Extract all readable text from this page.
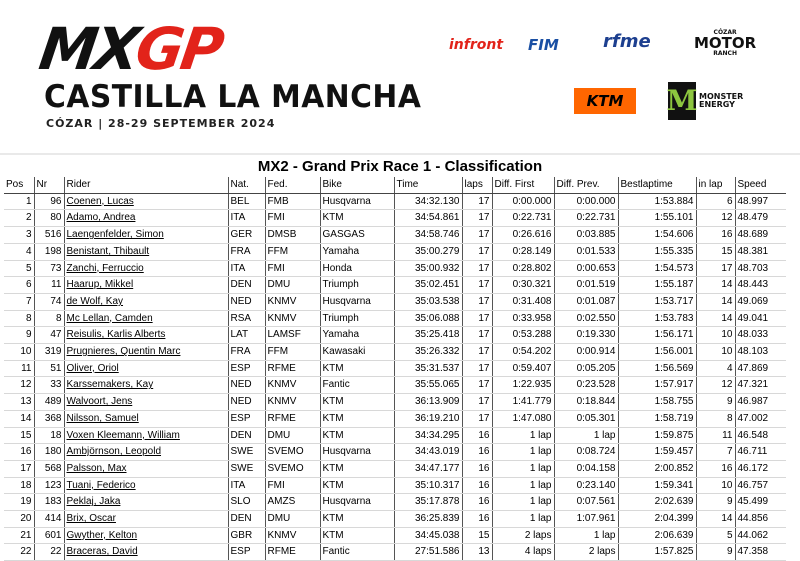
MXGP
CASTILLA LA MANCHA
CÓZAR | 28-29 SEPTEMBER 2024
infront FIM rfme	CÓZAR
MOTOR
RANCH
KTM	M MONSTER
ENERGY
MX2 - Grand Prix Race 1 - Classification
Pos	Nr	Rider	Nat.	Fed.	Bike	Time	laps	Diff. First	Diff. Prev.	Bestlaptime	in lap	Speed
1	96	Coenen, Lucas	BEL	FMB	Husqvarna	34:32.130	17	0:00.000	0:00.000	1:53.884	6	48.997
2	80	Adamo, Andrea	ITA	FMI	KTM	34:54.861	17	0:22.731	0:22.731	1:55.101	12	48.479
3	516	Laengenfelder, Simon	GER	DMSB	GASGAS	34:58.746	17	0:26.616	0:03.885	1:54.606	16	48.689
4	198	Benistant, Thibault	FRA	FFM	Yamaha	35:00.279	17	0:28.149	0:01.533	1:55.335	15	48.381
5	73	Zanchi, Ferruccio	ITA	FMI	Honda	35:00.932	17	0:28.802	0:00.653	1:54.573	17	48.703
6	11	Haarup, Mikkel	DEN	DMU	Triumph	35:02.451	17	0:30.321	0:01.519	1:55.187	14	48.443
7	74	de Wolf, Kay	NED	KNMV	Husqvarna	35:03.538	17	0:31.408	0:01.087	1:53.717	14	49.069
8	8	Mc Lellan, Camden	RSA	KNMV	Triumph	35:06.088	17	0:33.958	0:02.550	1:53.783	14	49.041
9	47	Reisulis, Karlis Alberts	LAT	LAMSF	Yamaha	35:25.418	17	0:53.288	0:19.330	1:56.171	10	48.033
10	319	Prugnieres, Quentin Marc	FRA	FFM	Kawasaki	35:26.332	17	0:54.202	0:00.914	1:56.001	10	48.103
11	51	Oliver, Oriol	ESP	RFME	KTM	35:31.537	17	0:59.407	0:05.205	1:56.569	4	47.869
12	33	Karssemakers, Kay	NED	KNMV	Fantic	35:55.065	17	1:22.935	0:23.528	1:57.917	12	47.321
13	489	Walvoort, Jens	NED	KNMV	KTM	36:13.909	17	1:41.779	0:18.844	1:58.755	9	46.987
14	368	Nilsson, Samuel	ESP	RFME	KTM	36:19.210	17	1:47.080	0:05.301	1:58.719	8	47.002
15	18	Voxen Kleemann, William	DEN	DMU	KTM	34:34.295	16	1 lap	1 lap	1:59.875	11	46.548
16	180	Ambjörnson, Leopold	SWE	SVEMO	Husqvarna	34:43.019	16	1 lap	0:08.724	1:59.457	7	46.711
17	568	Palsson, Max	SWE	SVEMO	KTM	34:47.177	16	1 lap	0:04.158	2:00.852	16	46.172
18	123	Tuani, Federico	ITA	FMI	KTM	35:10.317	16	1 lap	0:23.140	1:59.341	10	46.757
19	183	Peklaj, Jaka	SLO	AMZS	Husqvarna	35:17.878	16	1 lap	0:07.561	2:02.639	9	45.499
20	414	Brix, Oscar	DEN	DMU	KTM	36:25.839	16	1 lap	1:07.961	2:04.399	14	44.856
21	601	Gwyther, Kelton	GBR	KNMV	KTM	34:45.038	15	2 laps	1 lap	2:06.639	5	44.062
22	22	Braceras, David	ESP	RFME	Fantic	27:51.586	13	4 laps	2 laps	1:57.825	9	47.358
